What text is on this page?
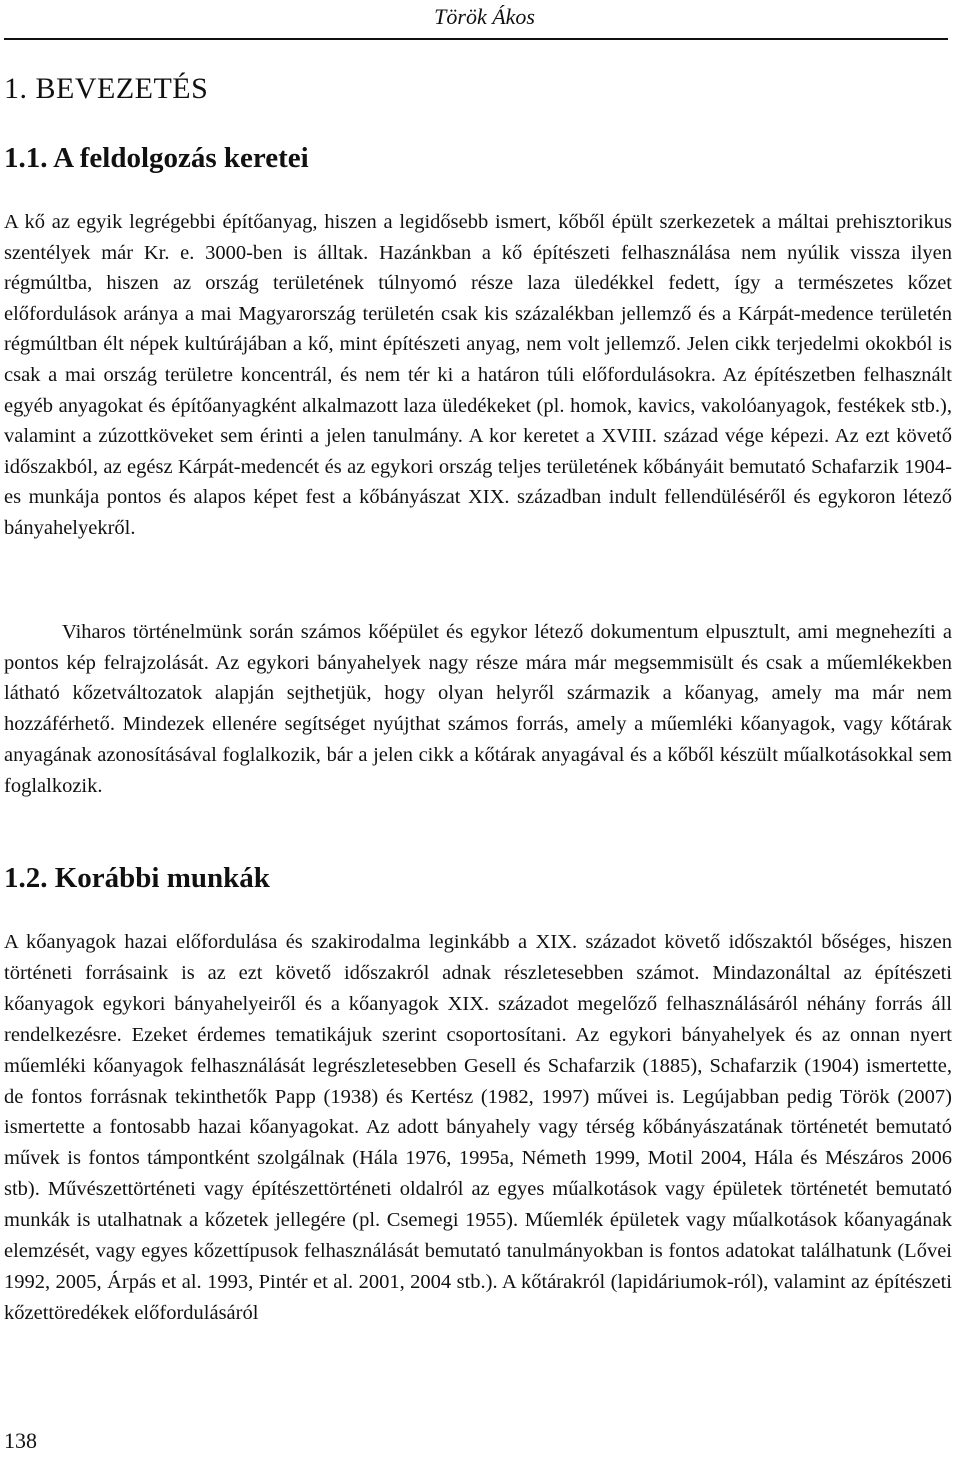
Török Ákos
1. BEVEZETÉS
1.1. A feldolgozás keretei

A kő az egyik legrégebbi építőanyag, hiszen a legidősebb ismert, kőből épült szerkezetek a máltai prehisztorikus szentélyek már Kr. e. 3000-ben is álltak. Hazánkban a kő építészeti felhasználása nem nyúlik vissza ilyen régmúltba, hiszen az ország területének túlnyomó része laza üledékkel fedett, így a természetes kőzet előfordulások aránya a mai Magyarország területén csak kis százalékban jellemző és a Kárpát-medence területén régmúltban élt népek kultúrájában a kő, mint építészeti anyag, nem volt jellemző. Jelen cikk terjedelmi okokból is csak a mai ország területre koncentrál, és nem tér ki a határon túli előfordulásokra. Az építészetben felhasznált egyéb anyagokat és építőanyagként alkalmazott laza üledékeket (pl. homok, kavics, vakolóanyagok, festékek stb.), valamint a zúzottköveket sem érinti a jelen tanulmány. A kor keretet a XVIII. század vége képezi. Az ezt követő időszakból, az egész Kárpát-medencét és az egykori ország teljes területének kőbányáit bemutató Schafarzik 1904-es munkája pontos és alapos képet fest a kőbányászat XIX. században indult fellendüléséről és egykoron létező bányahelyekről.

Viharos történelmünk során számos kőépület és egykor létező dokumentum elpusztult, ami megnehezíti a pontos kép felrajzolását. Az egykori bányahelyek nagy része mára már megsemmisült és csak a műemlékekben látható kőzetváltozatok alapján sejthetjük, hogy olyan helyről származik a kőanyag, amely ma már nem hozzáférhető. Mindezek ellenére segítséget nyújthat számos forrás, amely a műemléki kőanyagok, vagy kőtárak anyagának azonosításával foglalkozik, bár a jelen cikk a kőtárak anyagával és a kőből készült műalkotásokkal sem foglalkozik.

1.2. Korábbi munkák

A kőanyagok hazai előfordulása és szakirodalma leginkább a XIX. századot követő időszaktól bőséges, hiszen történeti forrásaink is az ezt követő időszakról adnak részletesebben számot. Mindazonáltal az építészeti kőanyagok egykori bányahelyeiről és a kőanyagok XIX. századot megelőző felhasználásáról néhány forrás áll rendelkezésre. Ezeket érdemes tematikájuk szerint csoportosítani. Az egykori bányahelyek és az onnan nyert műemléki kőanyagok felhasználását legrészletesebben Gesell és Schafarzik (1885), Schafarzik (1904) ismertette, de fontos forrásnak tekinthetők Papp (1938) és Kertész (1982, 1997) művei is. Legújabban pedig Török (2007) ismertette a fontosabb hazai kőanyagokat. Az adott bányahely vagy térség kőbányászatának történetét bemutató művek is fontos támpontként szolgálnak (Hála 1976, 1995a, Németh 1999, Motil 2004, Hála és Mészáros 2006 stb). Művészettörténeti vagy építészettörténeti oldalról az egyes műalkotások vagy épületek történetét bemutató munkák is utalhatnak a kőzetek jellegére (pl. Csemegi 1955). Műemlék épületek vagy műalkotások kőanyagának elemzését, vagy egyes kőzettípusok felhasználását bemutató tanulmányokban is fontos adatokat találhatunk (Lővei 1992, 2005, Árpás et al. 1993, Pintér et al. 2001, 2004 stb.). A kőtárakról (lapidáriumok-ról), valamint az építészeti kőzettöredékek előfordulásáról

138
